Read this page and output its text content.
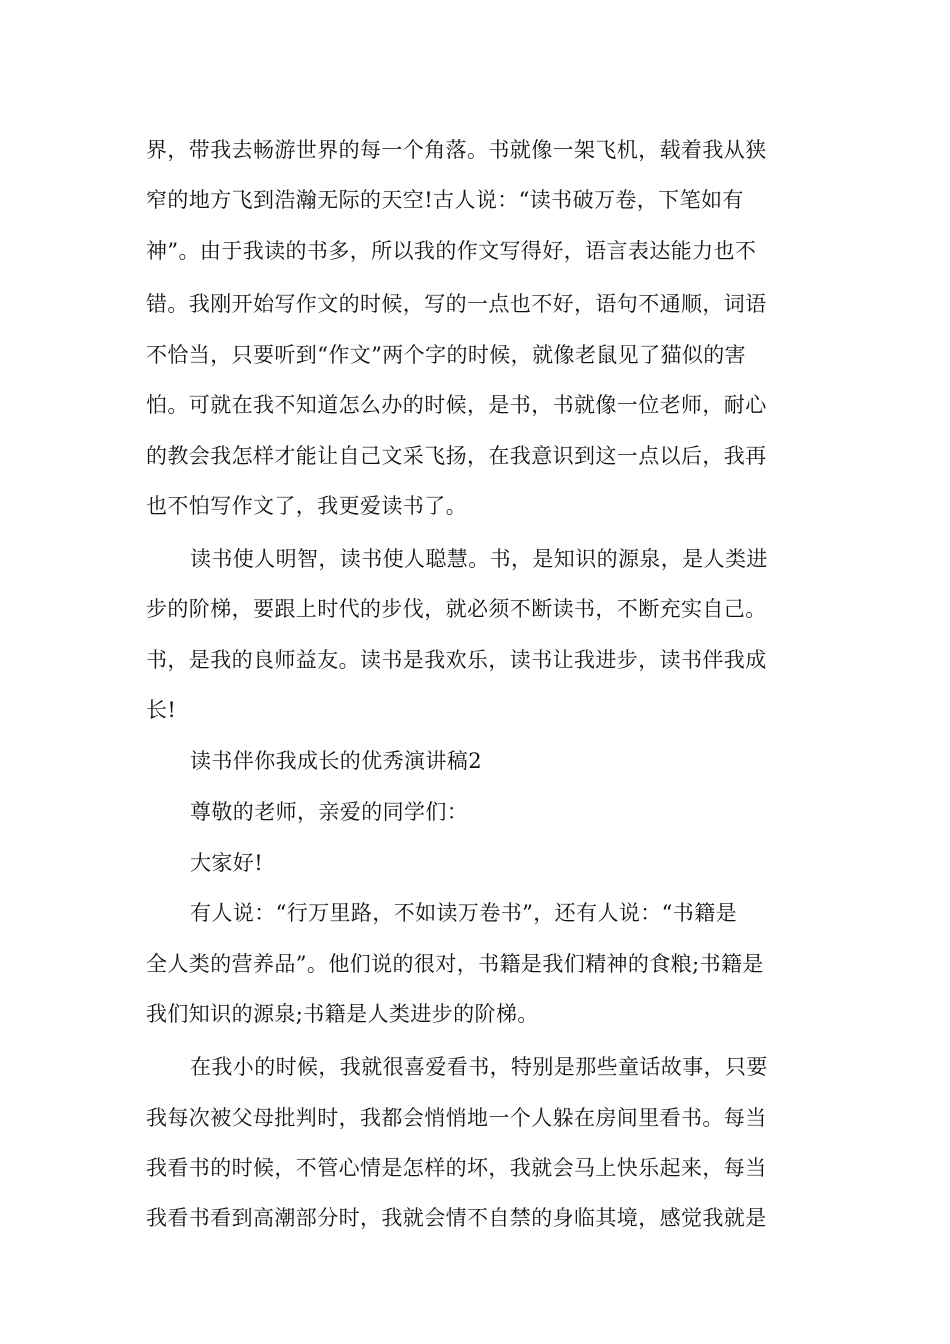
界，带我去畅游世界的每一个角落。书就像一架飞机，载着我从狭
窄的地方飞到浩瀚无际的天空!古人说：“读书破万卷，下笔如有
神”。由于我读的书多，所以我的作文写得好，语言表达能力也不
错。我刚开始写作文的时候，写的一点也不好，语句不通顺，词语
不恰当，只要听到“作文”两个字的时候，就像老鼠见了猫似的害
怕。可就在我不知道怎么办的时候，是书，书就像一位老师，耐心
的教会我怎样才能让自己文采飞扬，在我意识到这一点以后，我再
也不怕写作文了，我更爱读书了。
读书使人明智，读书使人聪慧。书，是知识的源泉，是人类进
步的阶梯，要跟上时代的步伐，就必须不断读书，不断充实自己。
书，是我的良师益友。读书是我欢乐，读书让我进步，读书伴我成
长!
读书伴你我成长的优秀演讲稿2
尊敬的老师，亲爱的同学们：
大家好!
有人说：“行万里路，不如读万卷书”，还有人说：“书籍是
全人类的营养品”。他们说的很对，书籍是我们精神的食粮;书籍是
我们知识的源泉;书籍是人类进步的阶梯。
在我小的时候，我就很喜爱看书，特别是那些童话故事，只要
我每次被父母批判时，我都会悄悄地一个人躲在房间里看书。每当
我看书的时候，不管心情是怎样的坏，我就会马上快乐起来，每当
我看书看到高潮部分时，我就会情不自禁的身临其境，感觉我就是
